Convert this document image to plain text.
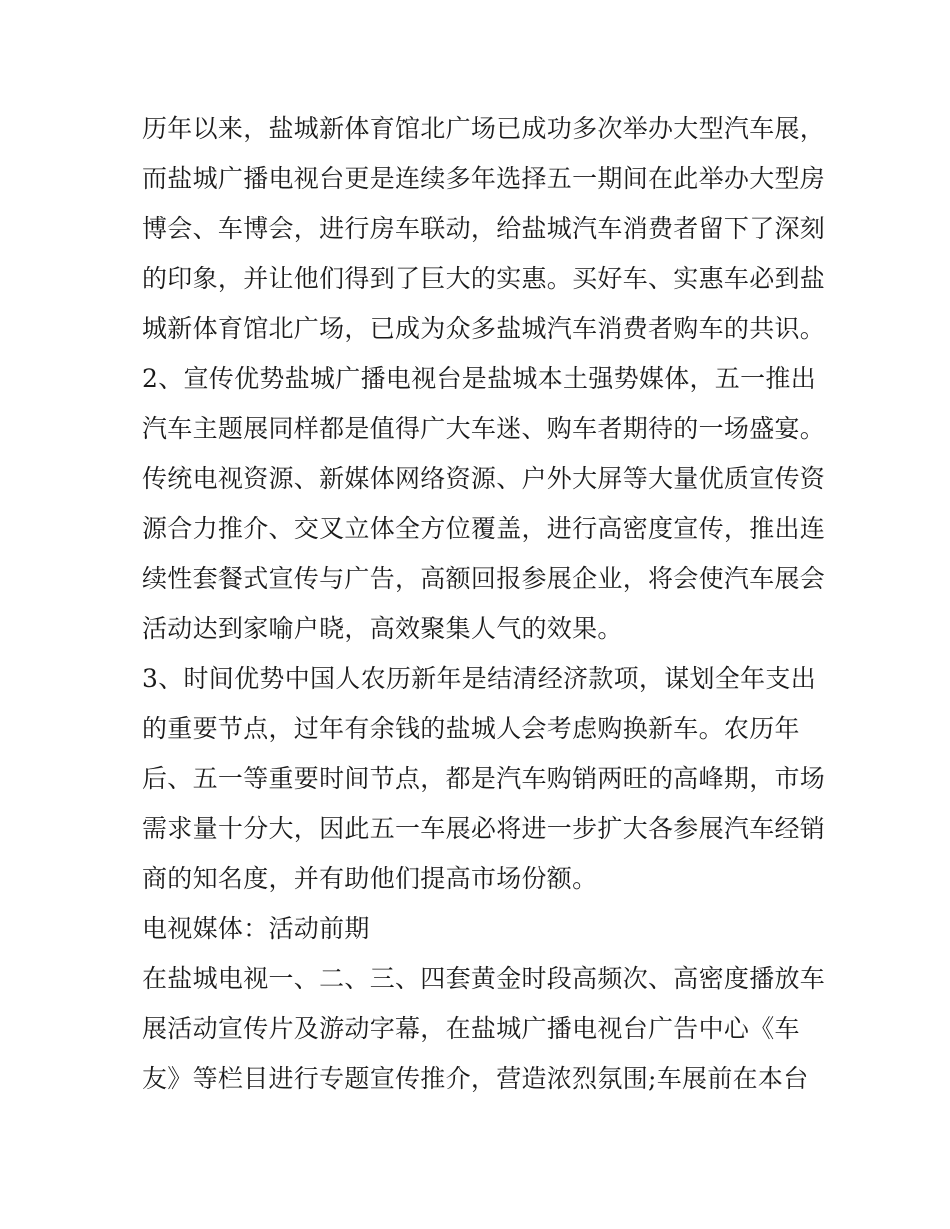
历年以来，盐城新体育馆北广场已成功多次举办大型汽车展，
而盐城广播电视台更是连续多年选择五一期间在此举办大型房
博会、车博会，进行房车联动，给盐城汽车消费者留下了深刻
的印象，并让他们得到了巨大的实惠。买好车、实惠车必到盐
城新体育馆北广场，已成为众多盐城汽车消费者购车的共识。
2、宣传优势盐城广播电视台是盐城本土强势媒体，五一推出
汽车主题展同样都是值得广大车迷、购车者期待的一场盛宴。
传统电视资源、新媒体网络资源、户外大屏等大量优质宣传资
源合力推介、交叉立体全方位覆盖，进行高密度宣传，推出连
续性套餐式宣传与广告，高额回报参展企业，将会使汽车展会
活动达到家喻户晓，高效聚集人气的效果。
3、时间优势中国人农历新年是结清经济款项，谋划全年支出
的重要节点，过年有余钱的盐城人会考虑购换新车。农历年
后、五一等重要时间节点，都是汽车购销两旺的高峰期，市场
需求量十分大，因此五一车展必将进一步扩大各参展汽车经销
商的知名度，并有助他们提高市场份额。
电视媒体：活动前期
在盐城电视一、二、三、四套黄金时段高频次、高密度播放车
展活动宣传片及游动字幕，在盐城广播电视台广告中心《车
友》等栏目进行专题宣传推介，营造浓烈氛围;车展前在本台
